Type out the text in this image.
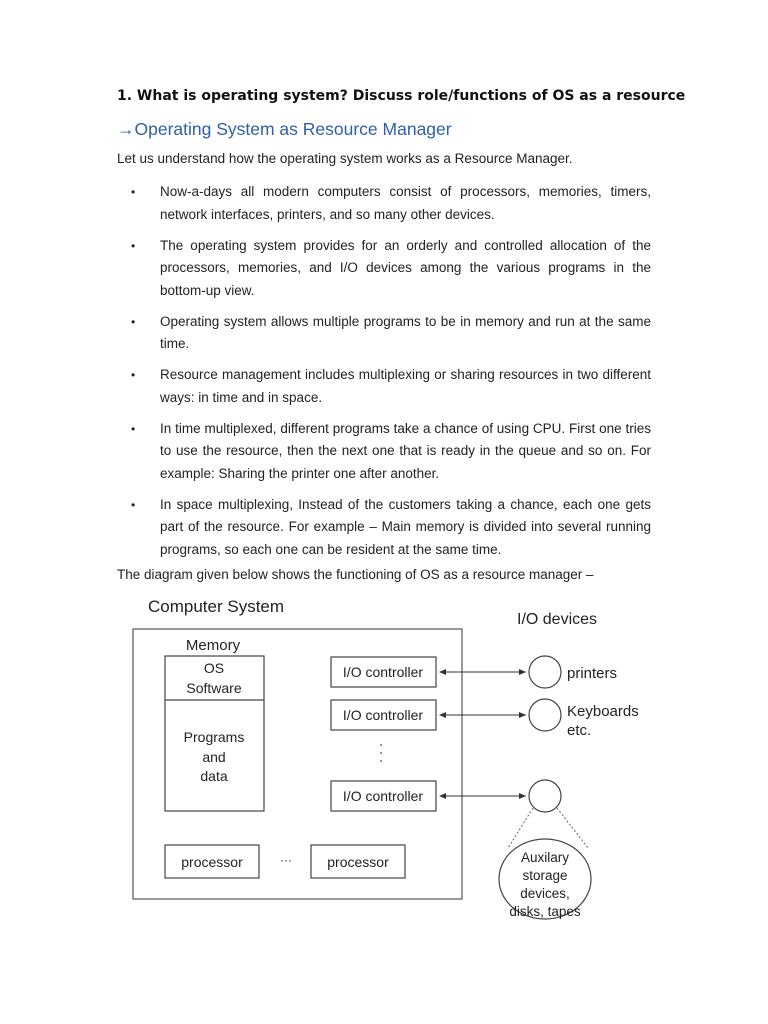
1. What is operating system? Discuss role/functions of OS as a resource
→Operating System as Resource Manager
Let us understand how the operating system works as a Resource Manager.
• Now-a-days all modern computers consist of processors, memories, timers, network interfaces, printers, and so many other devices.
• The operating system provides for an orderly and controlled allocation of the processors, memories, and I/O devices among the various programs in the bottom-up view.
• Operating system allows multiple programs to be in memory and run at the same time.
• Resource management includes multiplexing or sharing resources in two different ways: in time and in space.
• In time multiplexed, different programs take a chance of using CPU. First one tries to use the resource, then the next one that is ready in the queue and so on. For example: Sharing the printer one after another.
• In space multiplexing, Instead of the customers taking a chance, each one gets part of the resource. For example – Main memory is divided into several running programs, so each one can be resident at the same time.
The diagram given below shows the functioning of OS as a resource manager –
Computer System
I/O devices
Memory
OS
Software
Programs
and
data
I/O controller
I/O controller
I/O controller
processor	···	processor
printers
Keyboards
etc.
Auxilary
storage
devices,
disks, tapes
